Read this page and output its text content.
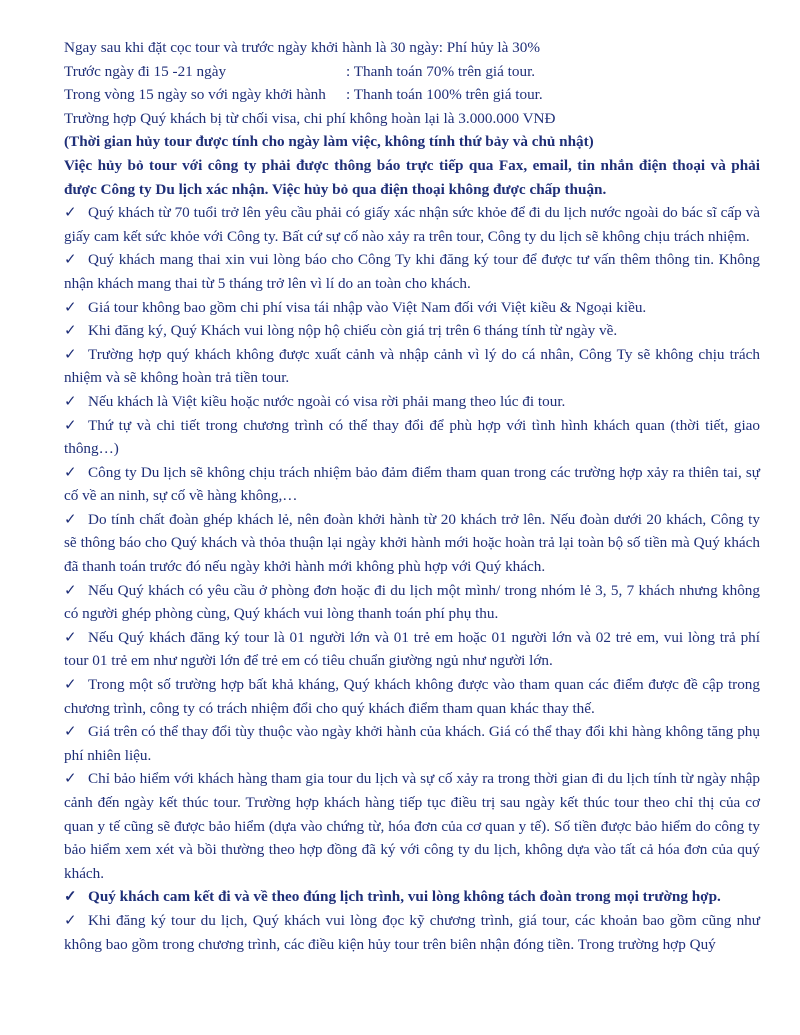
Ngay sau khi đặt cọc tour và trước ngày khởi hành là 30 ngày: Phí hủy là 30%

Trước ngày đi 15 -21 ngày	: Thanh toán 70% trên giá tour.
Trong vòng 15 ngày so với ngày khởi hành	: Thanh toán 100% trên giá tour.

Trường hợp Quý khách bị từ chối visa, chi phí không hoàn lại là 3.000.000 VNĐ

(Thời gian hủy tour được tính cho ngày làm việc, không tính thứ bảy và chủ nhật)

Việc hủy bỏ tour với công ty phải được thông báo trực tiếp qua Fax, email, tin nhắn điện thoại và phải được Công ty Du lịch xác nhận. Việc hủy bỏ qua điện thoại không được chấp thuận.

✓ Quý khách từ 70 tuổi trở lên yêu cầu phải có giấy xác nhận sức khỏe để đi du lịch nước ngoài do bác sĩ cấp và giấy cam kết sức khỏe với Công ty. Bất cứ sự cố nào xảy ra trên tour, Công ty du lịch sẽ không chịu trách nhiệm.

✓ Quý khách mang thai xin vui lòng báo cho Công Ty khi đăng ký tour để được tư vấn thêm thông tin. Không nhận khách mang thai từ 5 tháng trở lên vì lí do an toàn cho khách.

✓ Giá tour không bao gồm chi phí visa tái nhập vào Việt Nam đối với Việt kiều & Ngoại kiều.

✓ Khi đăng ký, Quý Khách vui lòng nộp hộ chiếu còn giá trị trên 6 tháng tính từ ngày về.

✓ Trường hợp quý khách không được xuất cảnh và nhập cảnh vì lý do cá nhân, Công Ty sẽ không chịu trách nhiệm và sẽ không hoàn trả tiền tour.

✓ Nếu khách là Việt kiều hoặc nước ngoài có visa rời phải mang theo lúc đi tour.

✓ Thứ tự và chi tiết trong chương trình có thể thay đổi để phù hợp với tình hình khách quan (thời tiết, giao thông…)

✓ Công ty Du lịch sẽ không chịu trách nhiệm bảo đảm điểm tham quan trong các trường hợp xảy ra thiên tai, sự cố về an ninh, sự cố về hàng không,…

✓ Do tính chất đoàn ghép khách lẻ, nên đoàn khởi hành từ 20 khách trở lên. Nếu đoàn dưới 20 khách, Công ty sẽ thông báo cho Quý khách và thỏa thuận lại ngày khởi hành mới hoặc hoàn trả lại toàn bộ số tiền mà Quý khách đã thanh toán trước đó nếu ngày khởi hành mới không phù hợp với Quý khách.

✓ Nếu Quý khách có yêu cầu ở phòng đơn hoặc đi du lịch một mình/ trong nhóm lẻ 3, 5, 7 khách nhưng không có người ghép phòng cùng, Quý khách vui lòng thanh toán phí phụ thu.

✓ Nếu Quý khách đăng ký tour là 01 người lớn và 01 trẻ em hoặc 01 người lớn và 02 trẻ em, vui lòng trả phí tour 01 trẻ em như người lớn để trẻ em có tiêu chuẩn giường ngủ như người lớn.

✓ Trong một số trường hợp bất khả kháng, Quý khách không được vào tham quan các điểm được đề cập trong chương trình, công ty có trách nhiệm đổi cho quý khách điểm tham quan khác thay thế.

✓ Giá trên có thể thay đổi tùy thuộc vào ngày khởi hành của khách. Giá có thể thay đổi khi hàng không tăng phụ phí nhiên liệu.

✓ Chỉ bảo hiểm với khách hàng tham gia tour du lịch và sự cố xảy ra trong thời gian đi du lịch tính từ ngày nhập cảnh đến ngày kết thúc tour. Trường hợp khách hàng tiếp tục điều trị sau ngày kết thúc tour theo chỉ thị của cơ quan y tế cũng sẽ được bảo hiểm (dựa vào chứng từ, hóa đơn của cơ quan y tế). Số tiền được bảo hiểm do công ty bảo hiểm xem xét và bồi thường theo hợp đồng đã ký với công ty du lịch, không dựa vào tất cả hóa đơn của quý khách.

✓ Quý khách cam kết đi và về theo đúng lịch trình, vui lòng không tách đoàn trong mọi trường hợp.

✓ Khi đăng ký tour du lịch, Quý khách vui lòng đọc kỹ chương trình, giá tour, các khoản bao gồm cũng như không bao gồm trong chương trình, các điều kiện hủy tour trên biên nhận đóng tiền. Trong trường hợp Quý
